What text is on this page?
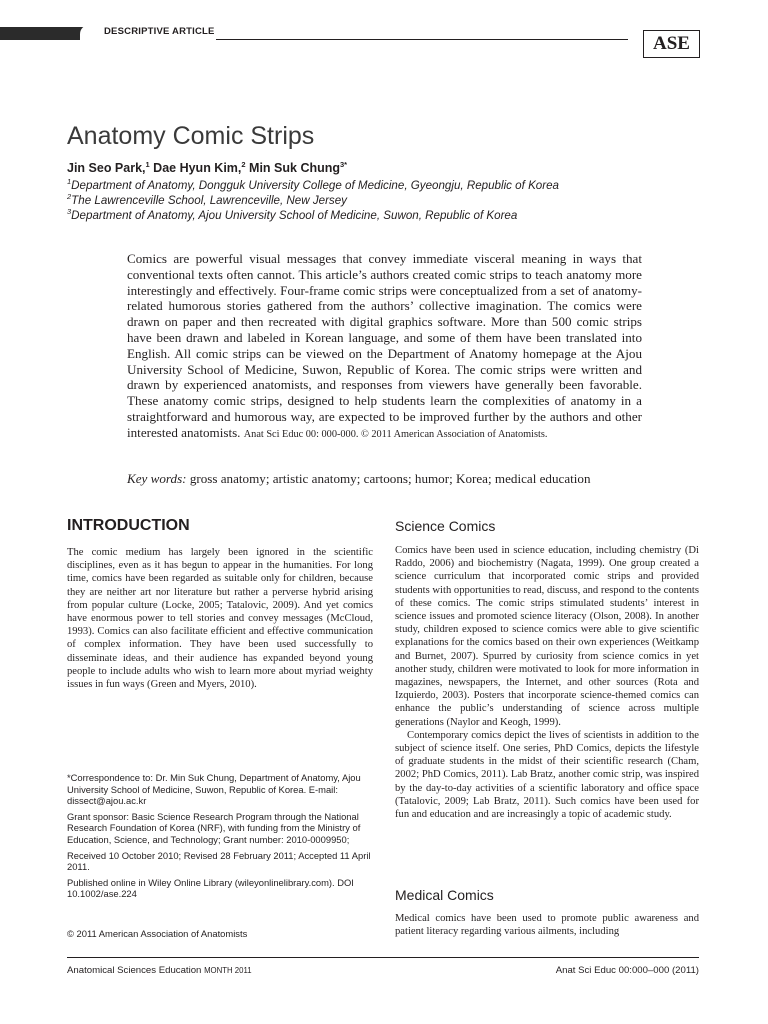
DESCRIPTIVE ARTICLE
ASE
Anatomy Comic Strips
Jin Seo Park,$^1$ Dae Hyun Kim,$^2$ Min Suk Chung$^{3*}$
$^1$Department of Anatomy, Dongguk University College of Medicine, Gyeongju, Republic of Korea
$^2$The Lawrenceville School, Lawrenceville, New Jersey
$^3$Department of Anatomy, Ajou University School of Medicine, Suwon, Republic of Korea
Comics are powerful visual messages that convey immediate visceral meaning in ways that conventional texts often cannot. This article’s authors created comic strips to teach anatomy more interestingly and effectively. Four-frame comic strips were conceptualized from a set of anatomy-related humorous stories gathered from the authors’ collective imagination. The comics were drawn on paper and then recreated with digital graphics software. More than 500 comic strips have been drawn and labeled in Korean language, and some of them have been translated into English. All comic strips can be viewed on the Department of Anatomy homepage at the Ajou University School of Medicine, Suwon, Republic of Korea. The comic strips were written and drawn by experienced anatomists, and responses from viewers have generally been favorable. These anatomy comic strips, designed to help students learn the complexities of anatomy in a straightforward and humorous way, are expected to be improved further by the authors and other interested anatomists. Anat Sci Educ 00: 000-000. © 2011 American Association of Anatomists.
Key words: gross anatomy; artistic anatomy; cartoons; humor; Korea; medical education
INTRODUCTION

The comic medium has largely been ignored in the scientific disciplines, even as it has begun to appear in the humanities. For long time, comics have been regarded as suitable only for children, because they are neither art nor literature but rather a perverse hybrid arising from popular culture (Locke, 2005; Tatalovic, 2009). And yet comics have enormous power to tell stories and convey messages (McCloud, 1993). Comics can also facilitate efficient and effective communication of complex information. They have been used successfully to disseminate ideas, and their audience has expanded beyond young people to include adults who wish to learn more about myriad weighty issues in fun ways (Green and Myers, 2010).

*Correspondence to: Dr. Min Suk Chung, Department of Anatomy, Ajou University School of Medicine, Suwon, Republic of Korea. E-mail: dissect@ajou.ac.kr

Grant sponsor: Basic Science Research Program through the National Research Foundation of Korea (NRF), with funding from the Ministry of Education, Science, and Technology; Grant number: 2010-0009950;

Received 10 October 2010; Revised 28 February 2011; Accepted 11 April 2011.

Published online in Wiley Online Library (wileyonlinelibrary.com). DOI 10.1002/ase.224

© 2011 American Association of Anatomists
Science Comics

Comics have been used in science education, including chemistry (Di Raddo, 2006) and biochemistry (Nagata, 1999). One group created a science curriculum that incorporated comic strips and provided students with opportunities to read, discuss, and respond to the contents of these comics. The comic strips stimulated students’ interest in science issues and promoted science literacy (Olson, 2008). In another study, children exposed to science comics were able to give scientific explanations for the comics based on their own experiences (Weitkamp and Burnet, 2007). Spurred by curiosity from science comics in yet another study, children were motivated to look for more information in magazines, newspapers, the Internet, and other sources (Rota and Izquierdo, 2003). Posters that incorporate science-themed comics can enhance the public’s understanding of science across multiple generations (Naylor and Keogh, 1999).

Contemporary comics depict the lives of scientists in addition to the subject of science itself. One series, PhD Comics, depicts the lifestyle of graduate students in the midst of their scientific research (Cham, 2002; PhD Comics, 2011). Lab Bratz, another comic strip, was inspired by the day-to-day activities of a scientific laboratory and office space (Tatalovic, 2009; Lab Bratz, 2011). Such comics have been used for fun and education and are increasingly a topic of academic study.

Medical Comics

Medical comics have been used to promote public awareness and patient literacy regarding various ailments, including

Anatomical Sciences Education MONTH 2011	Anat Sci Educ 00:000–000 (2011)
